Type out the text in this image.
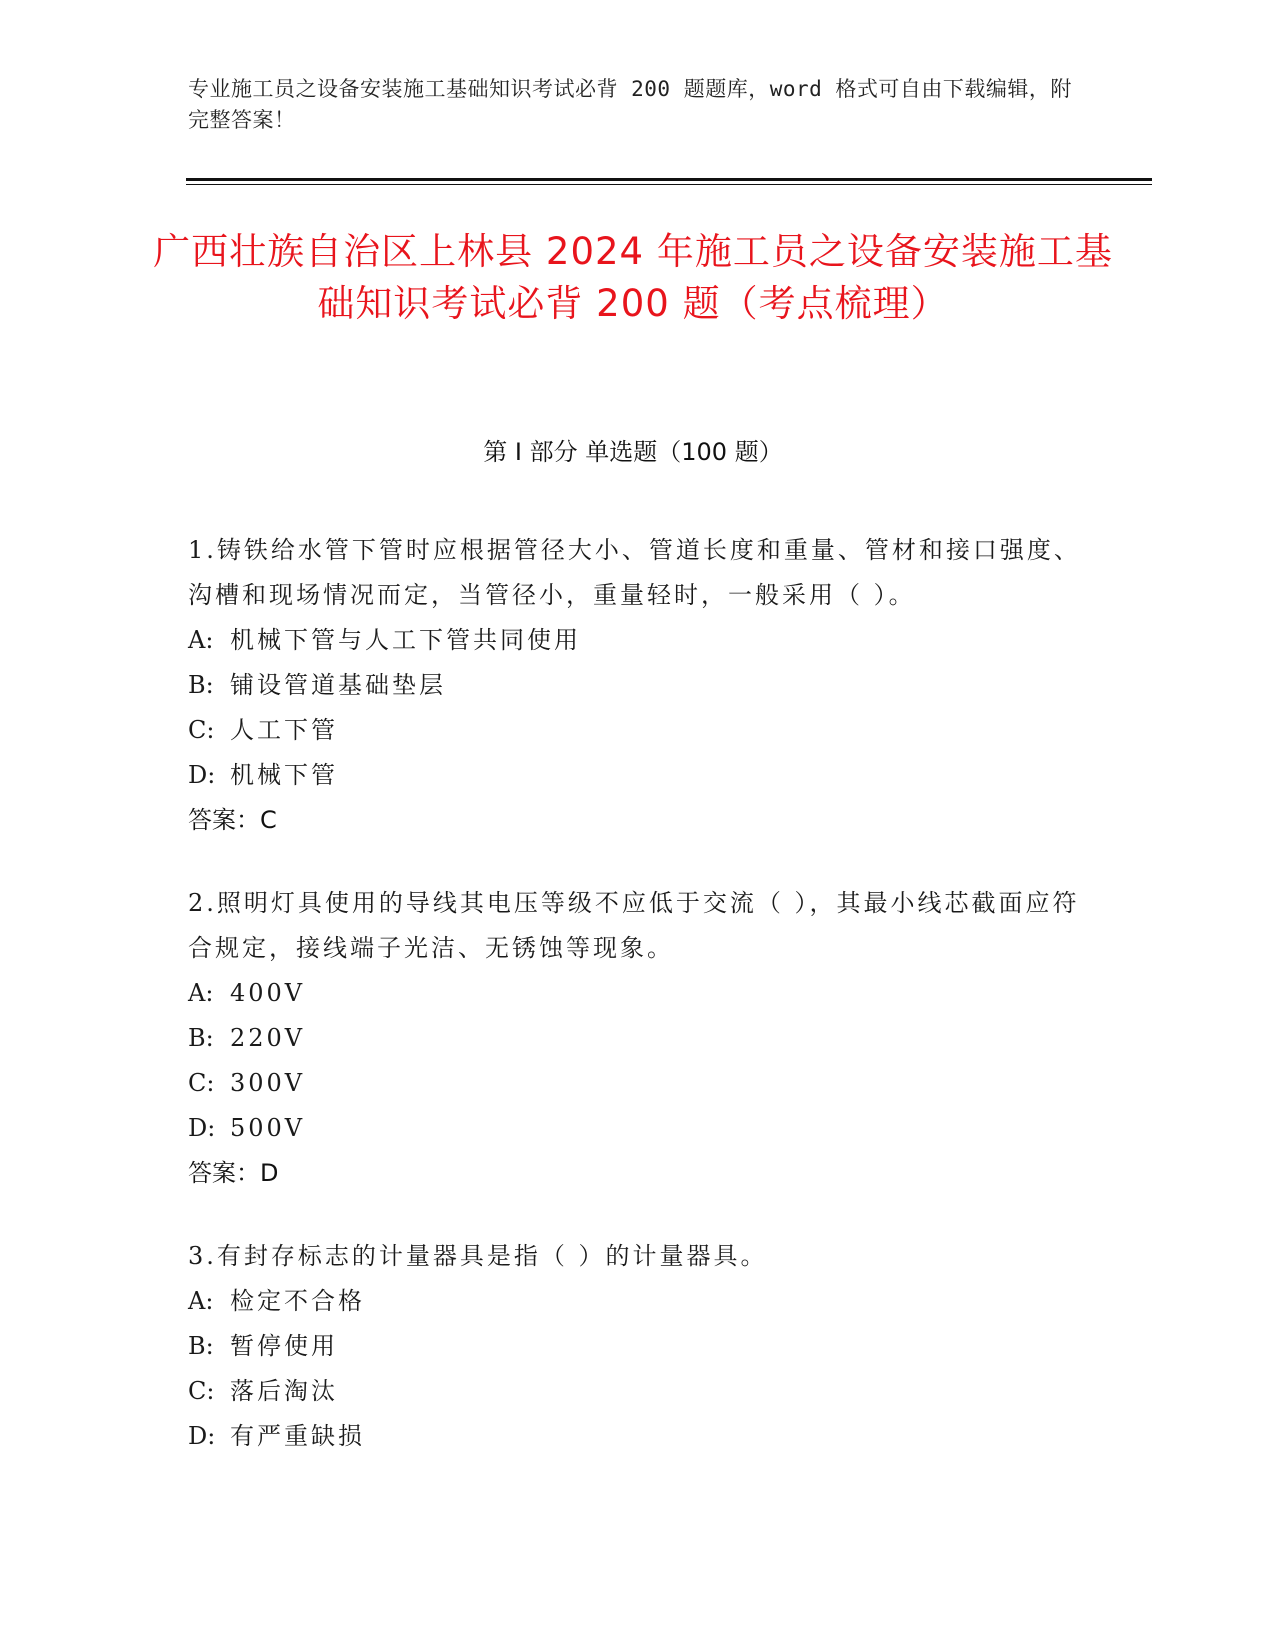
专业施工员之设备安装施工基础知识考试必背 200 题题库，word 格式可自由下载编辑，附完整答案！
广西壮族自治区上林县 2024 年施工员之设备安装施工基础知识考试必背 200 题（考点梳理）
第 I 部分 单选题（100 题）
1.铸铁给水管下管时应根据管径大小、管道长度和重量、管材和接口强度、沟槽和现场情况而定，当管径小，重量轻时，一般采用（ ）。
A: 机械下管与人工下管共同使用
B: 铺设管道基础垫层
C: 人工下管
D: 机械下管
答案：C
2.照明灯具使用的导线其电压等级不应低于交流（ ），其最小线芯截面应符合规定，接线端子光洁、无锈蚀等现象。
A: 400V
B: 220V
C: 300V
D: 500V
答案：D
3.有封存标志的计量器具是指（ ）的计量器具。
A: 检定不合格
B: 暂停使用
C: 落后淘汰
D: 有严重缺损
